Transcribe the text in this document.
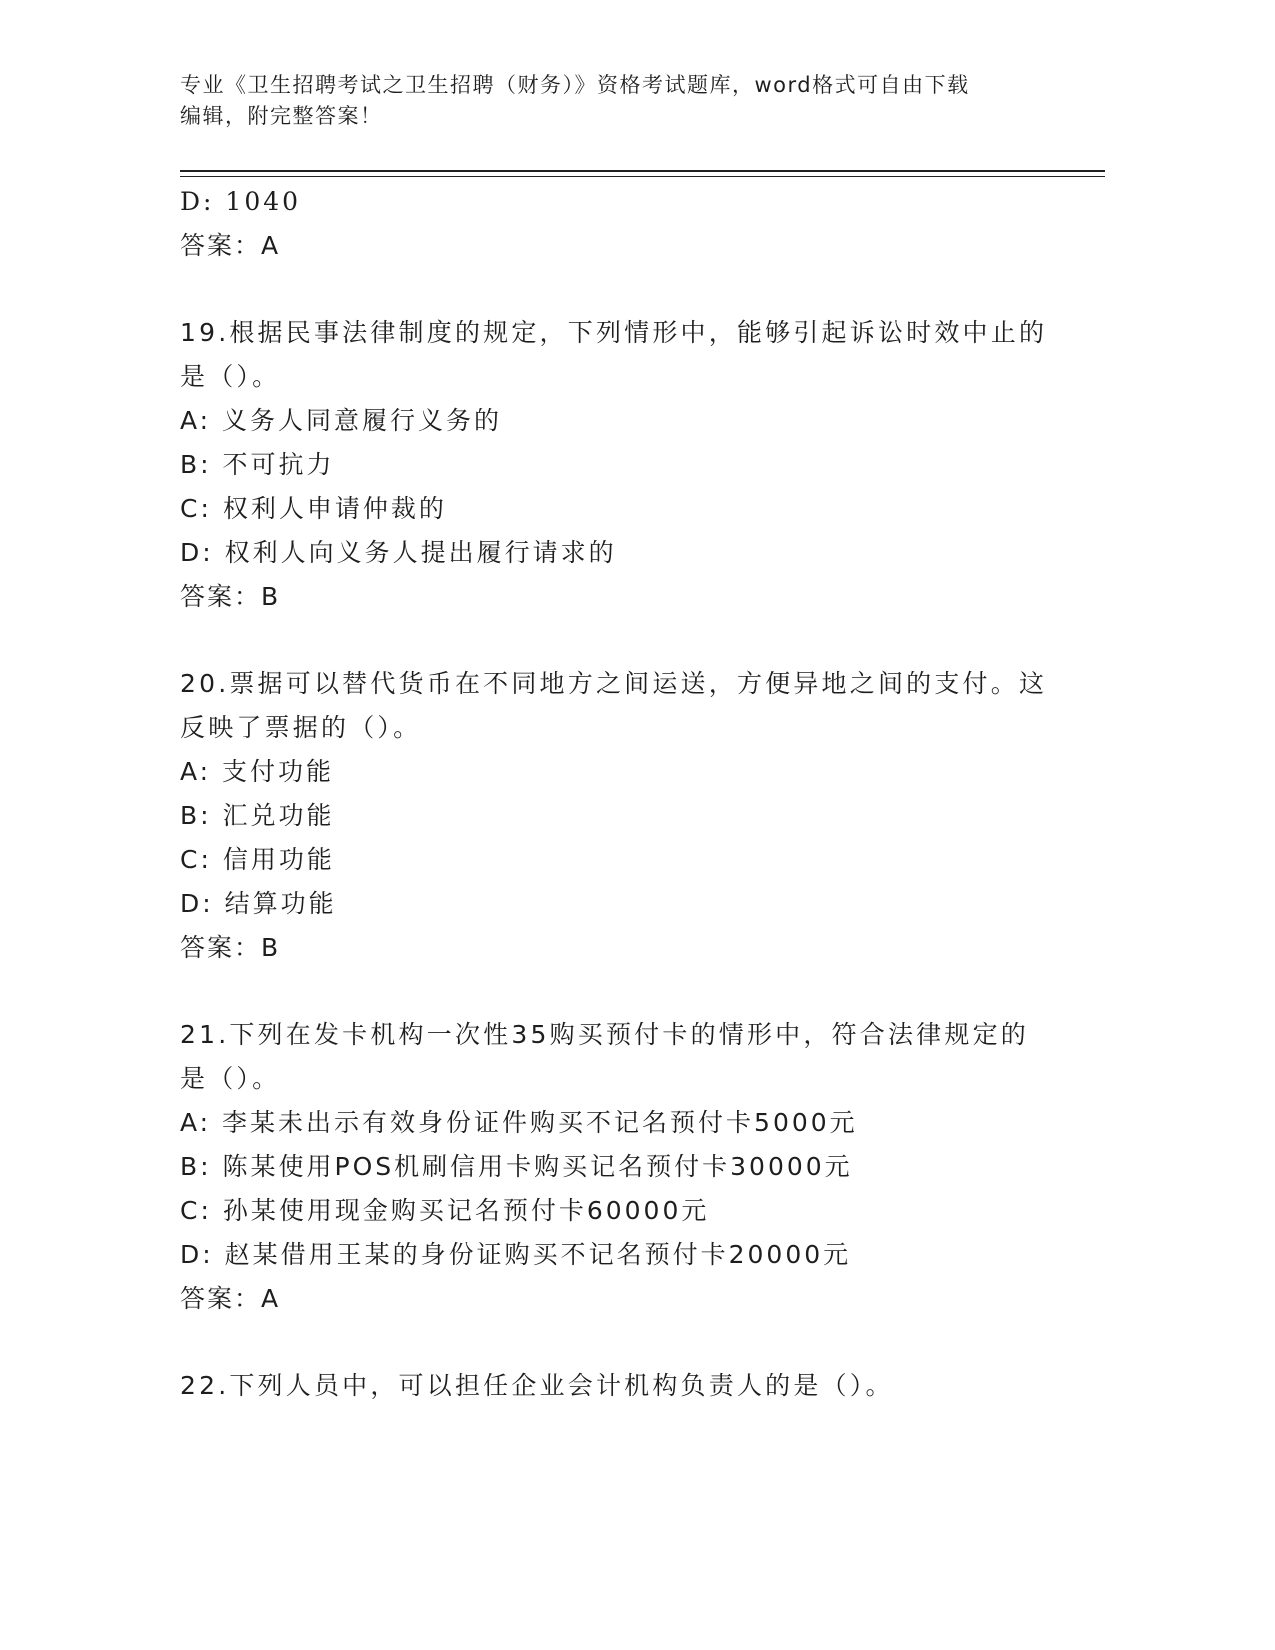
专业《卫生招聘考试之卫生招聘（财务）》资格考试题库，word格式可自由下载
编辑，附完整答案！
D: 1040
答案：A
19.根据民事法律制度的规定，下列情形中，能够引起诉讼时效中止的
是（）。
A: 义务人同意履行义务的
B: 不可抗力
C: 权利人申请仲裁的
D: 权利人向义务人提出履行请求的
答案：B
20.票据可以替代货币在不同地方之间运送，方便异地之间的支付。这
反映了票据的（）。
A: 支付功能
B: 汇兑功能
C: 信用功能
D: 结算功能
答案：B
21.下列在发卡机构一次性35购买预付卡的情形中，符合法律规定的
是（）。
A: 李某未出示有效身份证件购买不记名预付卡5000元
B: 陈某使用POS机刷信用卡购买记名预付卡30000元
C: 孙某使用现金购买记名预付卡60000元
D: 赵某借用王某的身份证购买不记名预付卡20000元
答案：A
22.下列人员中，可以担任企业会计机构负责人的是（）。
